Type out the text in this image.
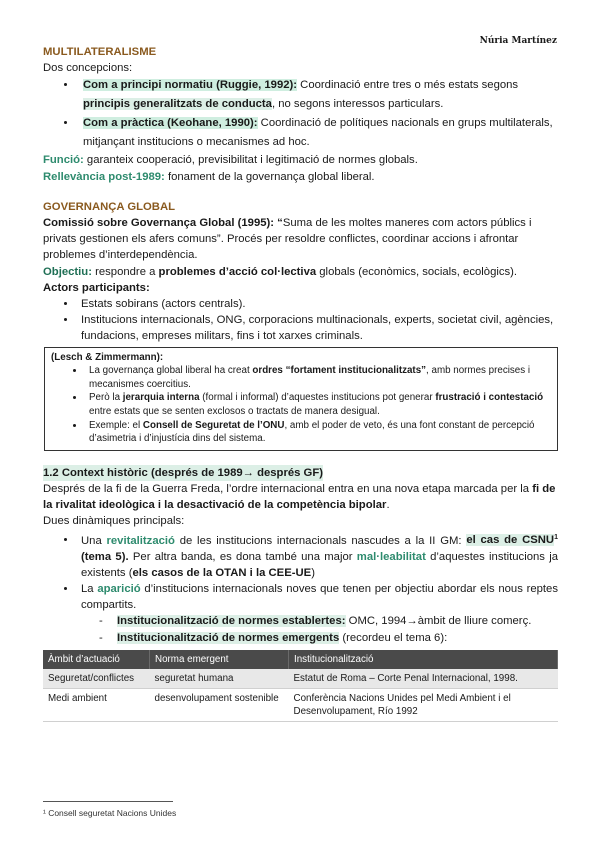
Núria Martínez

MULTILATERALISME

Dos concepcions:

• Com a principi normatiu (Ruggie, 1992): Coordinació entre tres o més estats segons principis generalitzats de conducta, no segons interessos particulars.
• Com a pràctica (Keohane, 1990): Coordinació de polítiques nacionals en grups multilaterals, mitjançant institucions o mecanismes ad hoc.

Funció: garanteix cooperació, previsibilitat i legitimació de normes globals.

Rellevància post-1989: fonament de la governança global liberal.

GOVERNANÇA GLOBAL

Comissió sobre Governança Global (1995): “Suma de les moltes maneres com actors públics i privats gestionen els afers comuns”. Procés per resoldre conflictes, coordinar accions i afrontar problemes d’interdependència.

Objectiu: respondre a problemes d’acció col·lectiva globals (econòmics, socials, ecològics).

Actors participants:

• Estats sobirans (actors centrals).
• Institucions internacionals, ONG, corporacions multinacionals, experts, societat civil, agències, fundacions, empreses militars, fins i tot xarxes criminals.
(Lesch & Zimmermann):
• La governança global liberal ha creat ordres “fortament institucionalitzats”, amb normes precises i mecanismes coercitius.
• Però la jerarquia interna (formal i informal) d’aquestes institucions pot generar frustració i contestació entre estats que se senten exclosos o tractats de manera desigual.
• Exemple: el Consell de Seguretat de l’ONU, amb el poder de veto, és una font constant de percepció d’asimetria i d’injustícia dins del sistema.

1.2 Context històric (després de 1989→ després GF)

Després de la fi de la Guerra Freda, l’ordre internacional entra en una nova etapa marcada per la fi de la rivalitat ideològica i la desactivació de la competència bipolar.

Dues dinàmiques principals:

• Una revitalització de les institucions internacionals nascudes a la II GM: el cas de CSNU$^1$ (tema 5). Per altra banda, es dona també una major mal·leabilitat d’aquestes institucions ja existents (els casos de la OTAN i la CEE-UE)
• La aparició d’institucions internacionals noves que tenen per objectiu abordar els nous reptes compartits.
- Institucionalització de normes establertes: OMC, 1994→àmbit de lliure comerç.
- Institucionalització de normes emergents (recordeu el tema 6):
Àmbit d’actuació	Norma emergent	Institucionalització
Seguretat/conflictes	seguretat humana	Estatut de Roma – Corte Penal Internacional, 1998.
Medi ambient	desenvolupament sostenible	Conferència Nacions Unides pel Medi Ambient i el Desenvolupament, Río 1992
¹ Consell seguretat Nacions Unides
